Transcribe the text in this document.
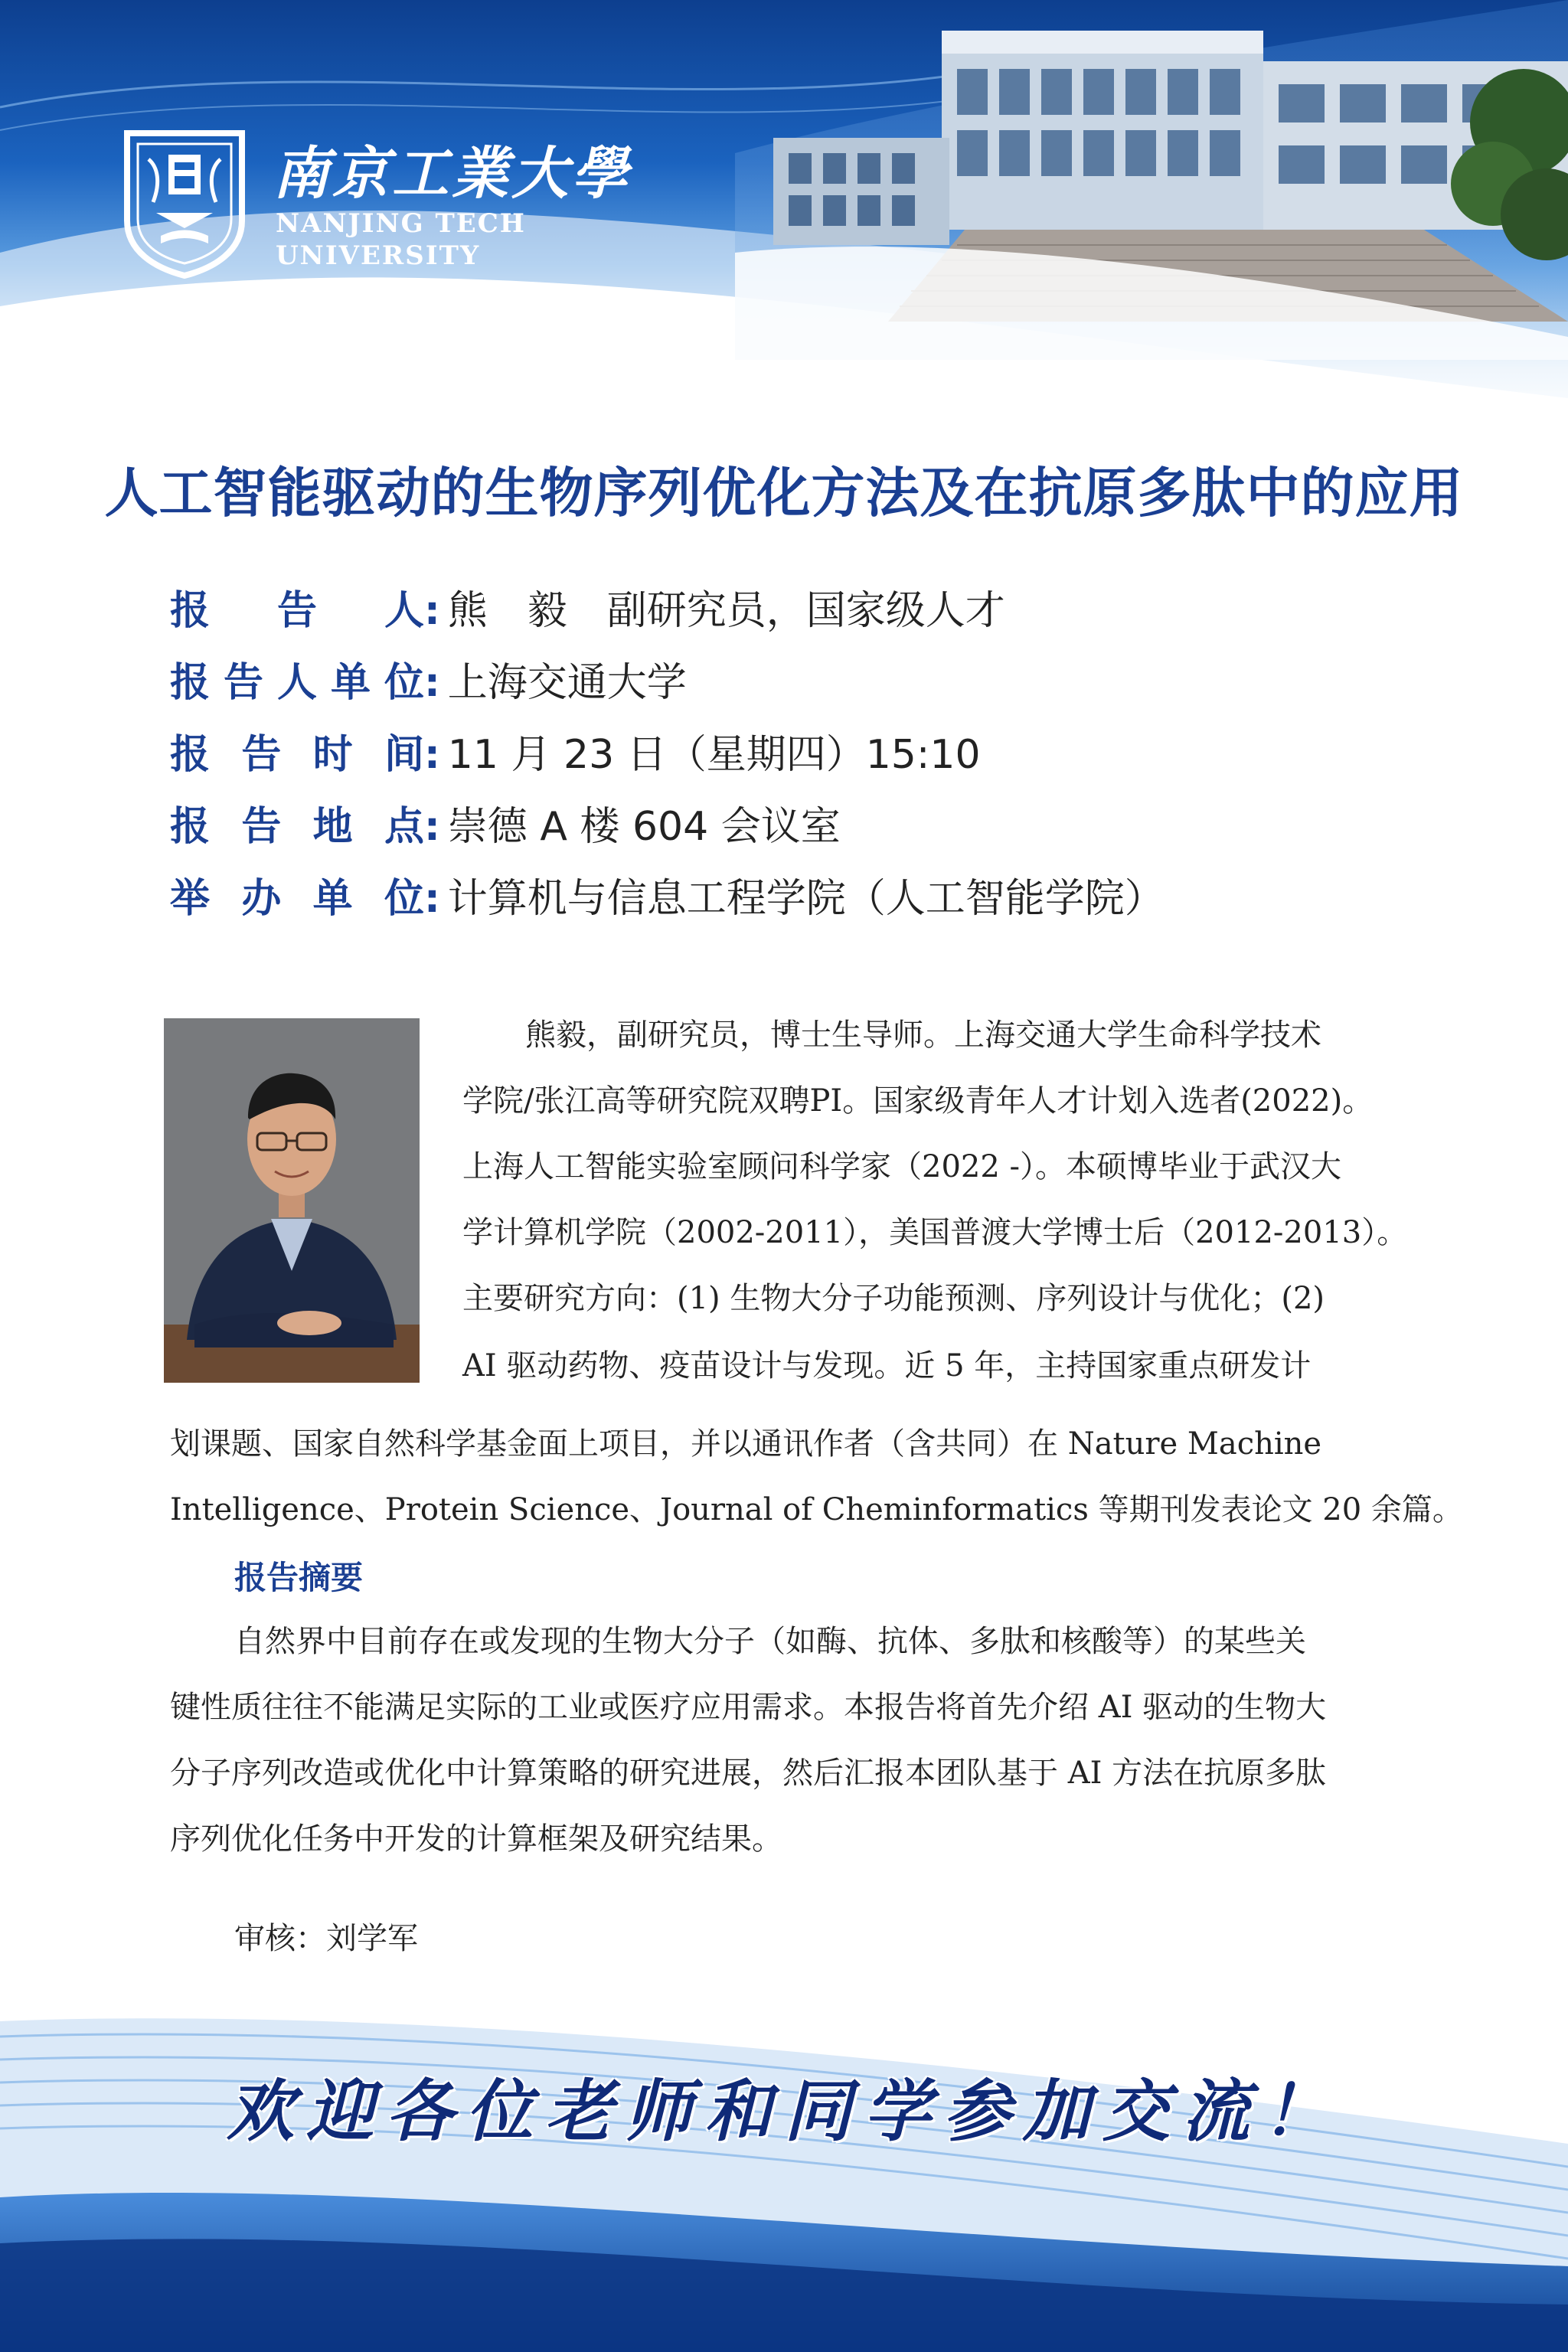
南京工業大學
NANJING TECH
UNIVERSITY
人工智能驱动的生物序列优化方法及在抗原多肽中的应用
报告人: 熊　毅　副研究员，国家级人才
报告人单位: 上海交通大学
报告时间: 11 月 23 日（星期四）15:10
报告地点: 崇德 A 楼 604 会议室
举办单位: 计算机与信息工程学院（人工智能学院）
熊毅，副研究员，博士生导师。上海交通大学生命科学技术
学院/张江高等研究院双聘PI。国家级青年人才计划入选者(2022)。
上海人工智能实验室顾问科学家（2022 -）。本硕博毕业于武汉大
学计算机学院（2002-2011），美国普渡大学博士后（2012-2013）。
主要研究方向：(1) 生物大分子功能预测、序列设计与优化；(2)
AI 驱动药物、疫苗设计与发现。近 5 年，主持国家重点研发计
划课题、国家自然科学基金面上项目，并以通讯作者（含共同）在 Nature Machine
Intelligence、Protein Science、Journal of Cheminformatics 等期刊发表论文 20 余篇。
报告摘要
自然界中目前存在或发现的生物大分子（如酶、抗体、多肽和核酸等）的某些关
键性质往往不能满足实际的工业或医疗应用需求。本报告将首先介绍 AI 驱动的生物大
分子序列改造或优化中计算策略的研究进展，然后汇报本团队基于 AI 方法在抗原多肽
序列优化任务中开发的计算框架及研究结果。
审核：刘学军
欢迎各位老师和同学参加交流！
